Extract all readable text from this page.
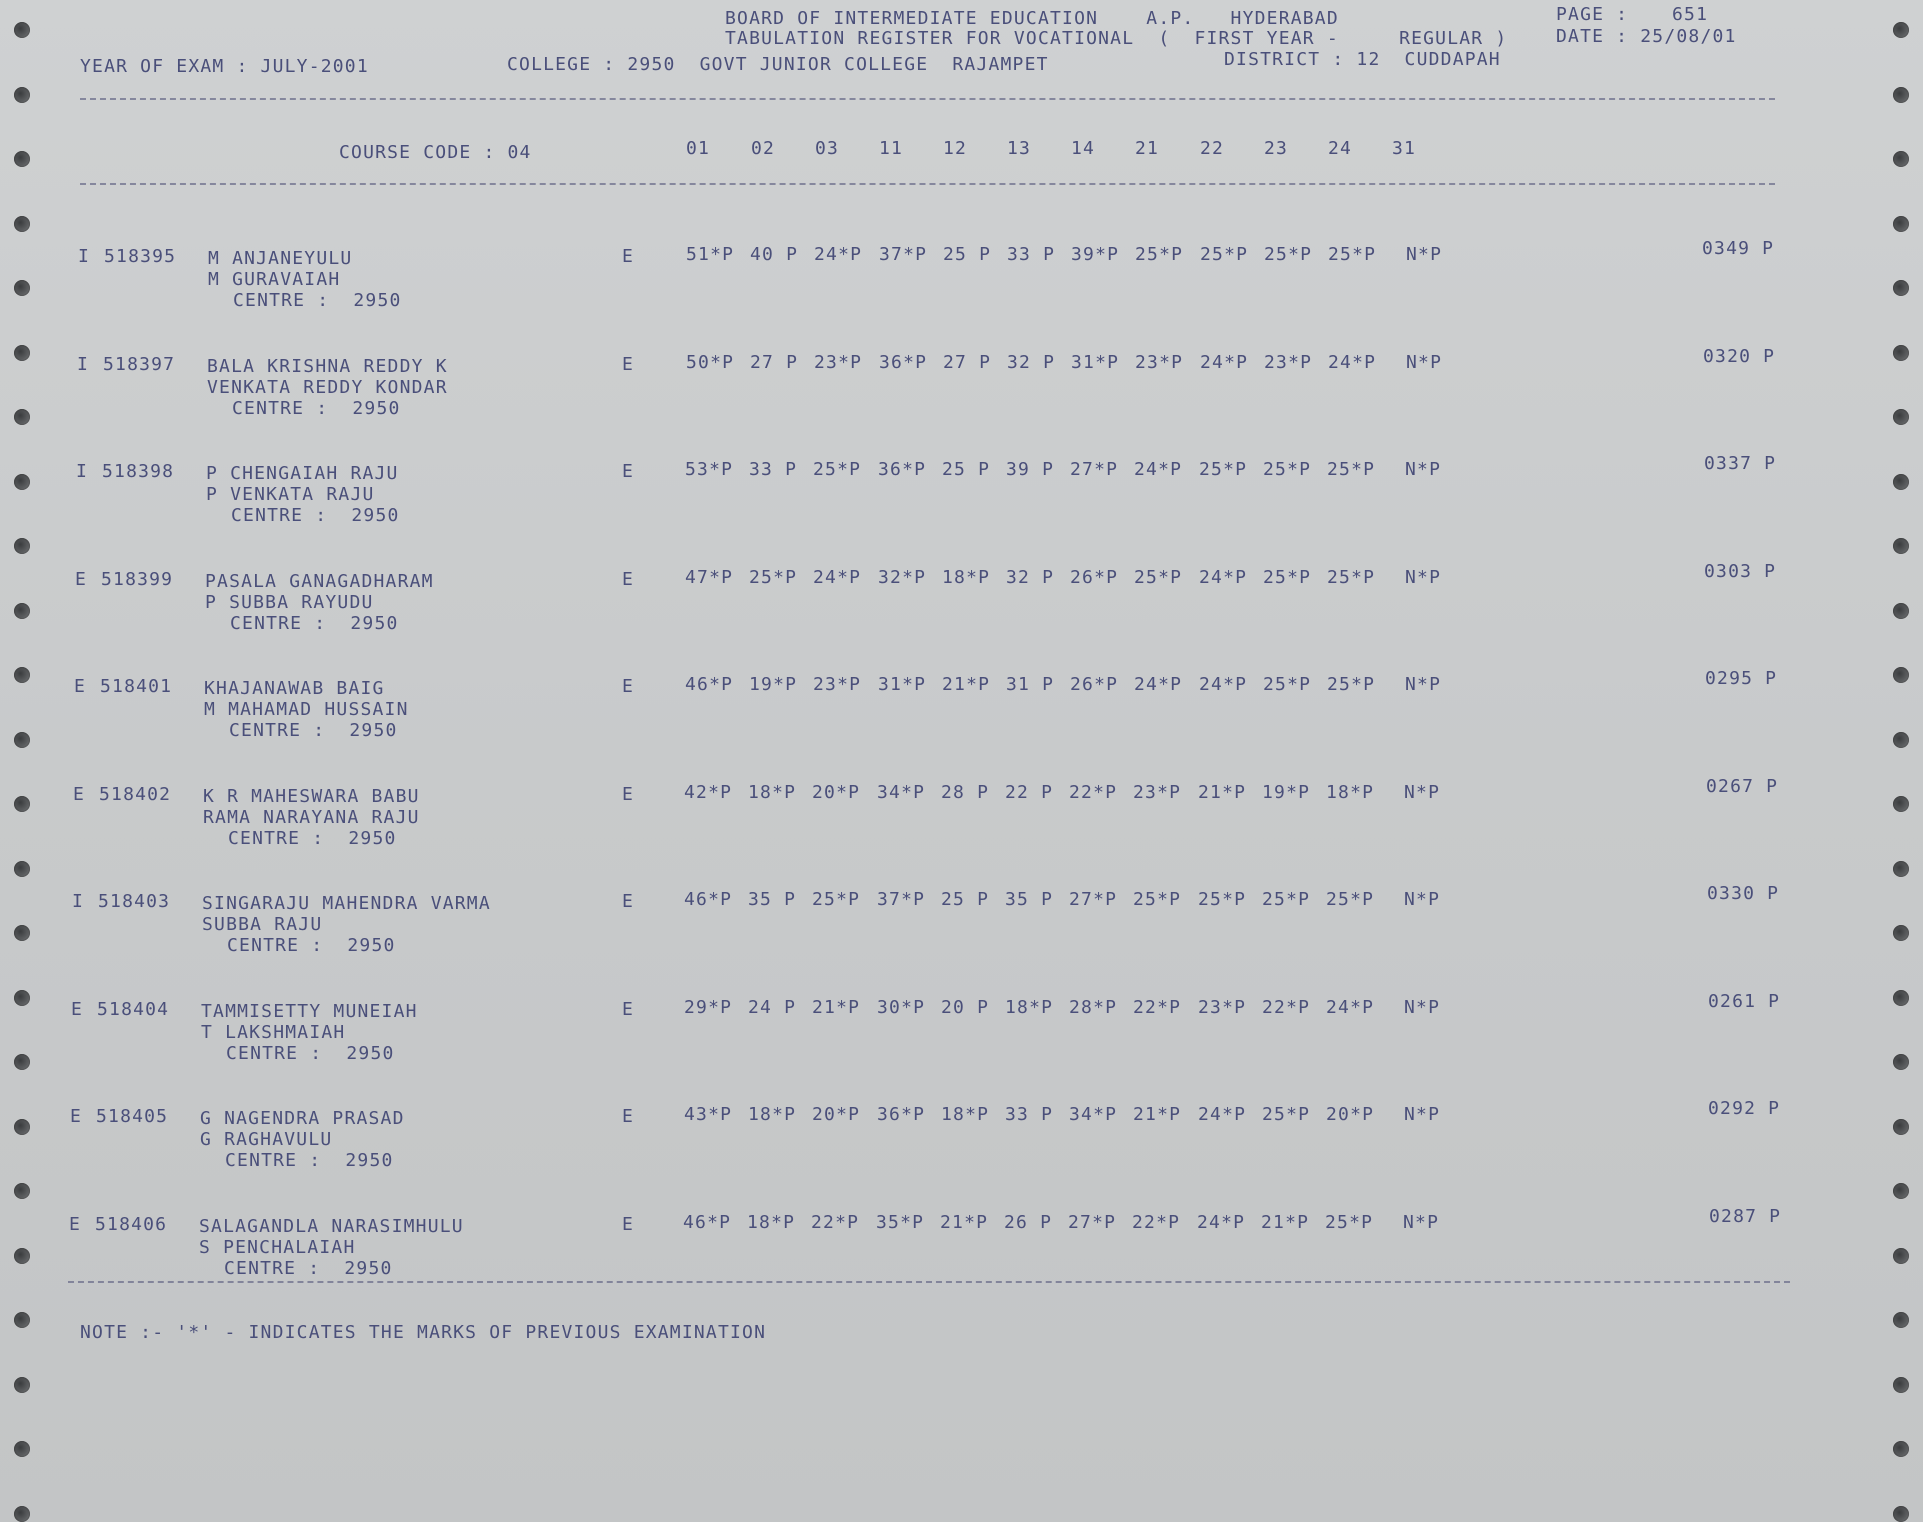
BOARD OF INTERMEDIATE EDUCATION    A.P.   HYDERABAD	PAGE : 651
TABULATION REGISTER FOR VOCATIONAL  (  FIRST YEAR -     REGULAR )	DATE : 25/08/01
YEAR OF EXAM : JULY-2001	COLLEGE : 2950  GOVT JUNIOR COLLEGE  RAJAMPET	DISTRICT : 12  CUDDAPAH
COURSE CODE : 04	01 02 03 11 12 13 14 21 22 23 24 31
I 518395 M ANJANEYULU
M GURAVAIAH
CENTRE :  2950
E	51*P 40 P 24*P 37*P 25 P 33 P 39*P 25*P 25*P 25*P 25*P N*P	0349 P
I 518397 BALA KRISHNA REDDY K
VENKATA REDDY KONDAR
CENTRE :  2950
E	50*P 27 P 23*P 36*P 27 P 32 P 31*P 23*P 24*P 23*P 24*P N*P	0320 P
I 518398 P CHENGAIAH RAJU
P VENKATA RAJU
CENTRE :  2950
E	53*P 33 P 25*P 36*P 25 P 39 P 27*P 24*P 25*P 25*P 25*P N*P	0337 P
E 518399 PASALA GANAGADHARAM
P SUBBA RAYUDU
CENTRE :  2950
E	47*P 25*P 24*P 32*P 18*P 32 P 26*P 25*P 24*P 25*P 25*P N*P	0303 P
E 518401 KHAJANAWAB BAIG
M MAHAMAD HUSSAIN
CENTRE :  2950
E	46*P 19*P 23*P 31*P 21*P 31 P 26*P 24*P 24*P 25*P 25*P N*P	0295 P
E 518402 K R MAHESWARA BABU
RAMA NARAYANA RAJU
CENTRE :  2950
E	42*P 18*P 20*P 34*P 28 P 22 P 22*P 23*P 21*P 19*P 18*P N*P	0267 P
I 518403 SINGARAJU MAHENDRA VARMA
SUBBA RAJU
CENTRE :  2950
E	46*P 35 P 25*P 37*P 25 P 35 P 27*P 25*P 25*P 25*P 25*P N*P	0330 P
E 518404 TAMMISETTY MUNEIAH
T LAKSHMAIAH
CENTRE :  2950
E	29*P 24 P 21*P 30*P 20 P 18*P 28*P 22*P 23*P 22*P 24*P N*P	0261 P
E 518405 G NAGENDRA PRASAD
G RAGHAVULU
CENTRE :  2950
E	43*P 18*P 20*P 36*P 18*P 33 P 34*P 21*P 24*P 25*P 20*P N*P	0292 P
E 518406 SALAGANDLA NARASIMHULU
S PENCHALAIAH
CENTRE :  2950
E	46*P 18*P 22*P 35*P 21*P 26 P 27*P 22*P 24*P 21*P 25*P N*P	0287 P
NOTE :- '*' - INDICATES THE MARKS OF PREVIOUS EXAMINATION
